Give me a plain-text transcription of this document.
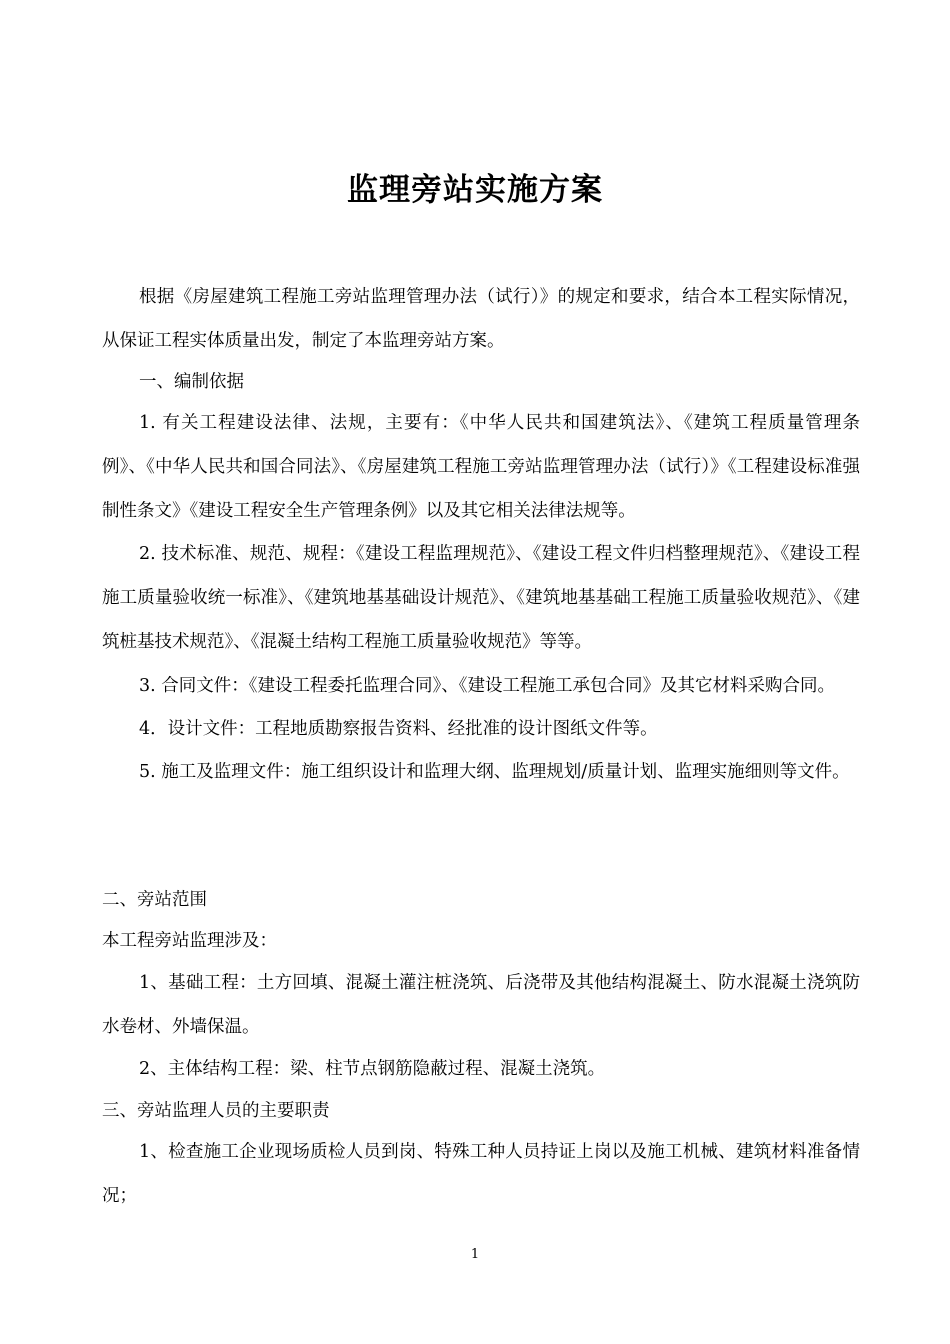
监理旁站实施方案
根据《房屋建筑工程施工旁站监理管理办法（试行）》的规定和要求，结合本工程实际情况，从保证工程实体质量出发，制定了本监理旁站方案。
一、编制依据
1. 有关工程建设法律、法规，主要有：《中华人民共和国建筑法》、《建筑工程质量管理条例》、《中华人民共和国合同法》、《房屋建筑工程施工旁站监理管理办法（试行）》《工程建设标准强制性条文》《建设工程安全生产管理条例》以及其它相关法律法规等。
2. 技术标准、规范、规程：《建设工程监理规范》、《建设工程文件归档整理规范》、《建设工程施工质量验收统一标准》、《建筑地基基础设计规范》、《建筑地基基础工程施工质量验收规范》、《建筑桩基技术规范》、《混凝土结构工程施工质量验收规范》等等。
3. 合同文件：《建设工程委托监理合同》、《建设工程施工承包合同》及其它材料采购合同。
4．设计文件：工程地质勘察报告资料、经批准的设计图纸文件等。
5. 施工及监理文件：施工组织设计和监理大纲、监理规划/质量计划、监理实施细则等文件。
二、旁站范围
本工程旁站监理涉及：
1、基础工程：土方回填、混凝土灌注桩浇筑、后浇带及其他结构混凝土、防水混凝土浇筑防水卷材、外墙保温。
2、主体结构工程：梁、柱节点钢筋隐蔽过程、混凝土浇筑。
三、旁站监理人员的主要职责
1、检查施工企业现场质检人员到岗、特殊工种人员持证上岗以及施工机械、建筑材料准备情况；
1
